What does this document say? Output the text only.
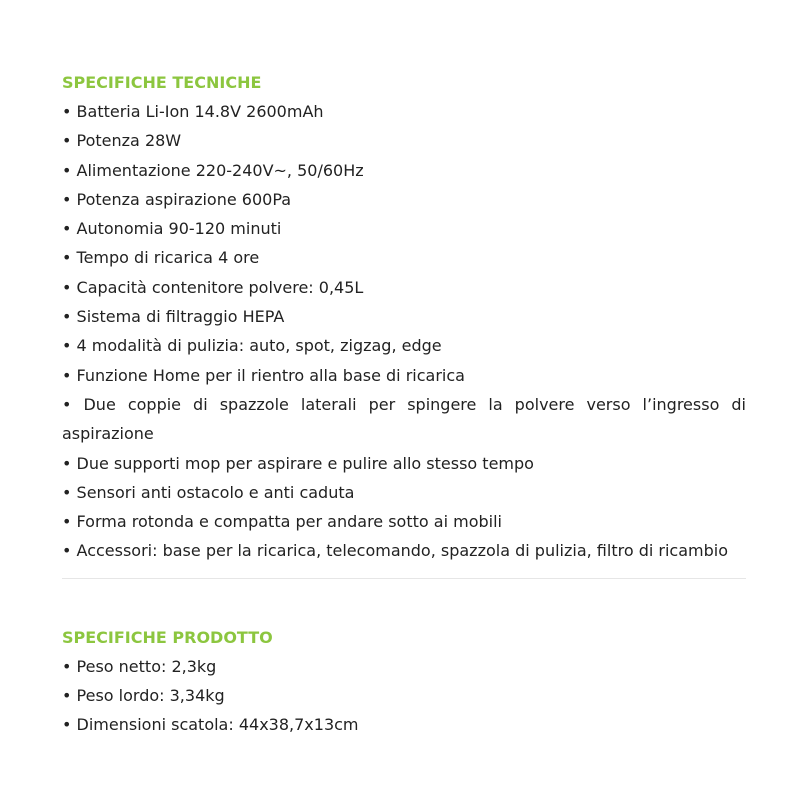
SPECIFICHE TECNICHE
• Batteria Li-Ion 14.8V 2600mAh
• Potenza 28W
• Alimentazione 220-240V~, 50/60Hz
• Potenza aspirazione 600Pa
• Autonomia 90-120 minuti
• Tempo di ricarica 4 ore
• Capacità contenitore polvere: 0,45L
• Sistema di filtraggio HEPA
• 4 modalità di pulizia: auto, spot, zigzag, edge
• Funzione Home per il rientro alla base di ricarica
• Due coppie di spazzole laterali per spingere la polvere verso l’ingresso di aspirazione
• Due supporti mop per aspirare e pulire allo stesso tempo
• Sensori anti ostacolo e anti caduta
• Forma rotonda e compatta per andare sotto ai mobili
• Accessori: base per la ricarica, telecomando, spazzola di pulizia, filtro di ricambio
SPECIFICHE PRODOTTO
• Peso netto: 2,3kg
• Peso lordo: 3,34kg
• Dimensioni scatola: 44x38,7x13cm
